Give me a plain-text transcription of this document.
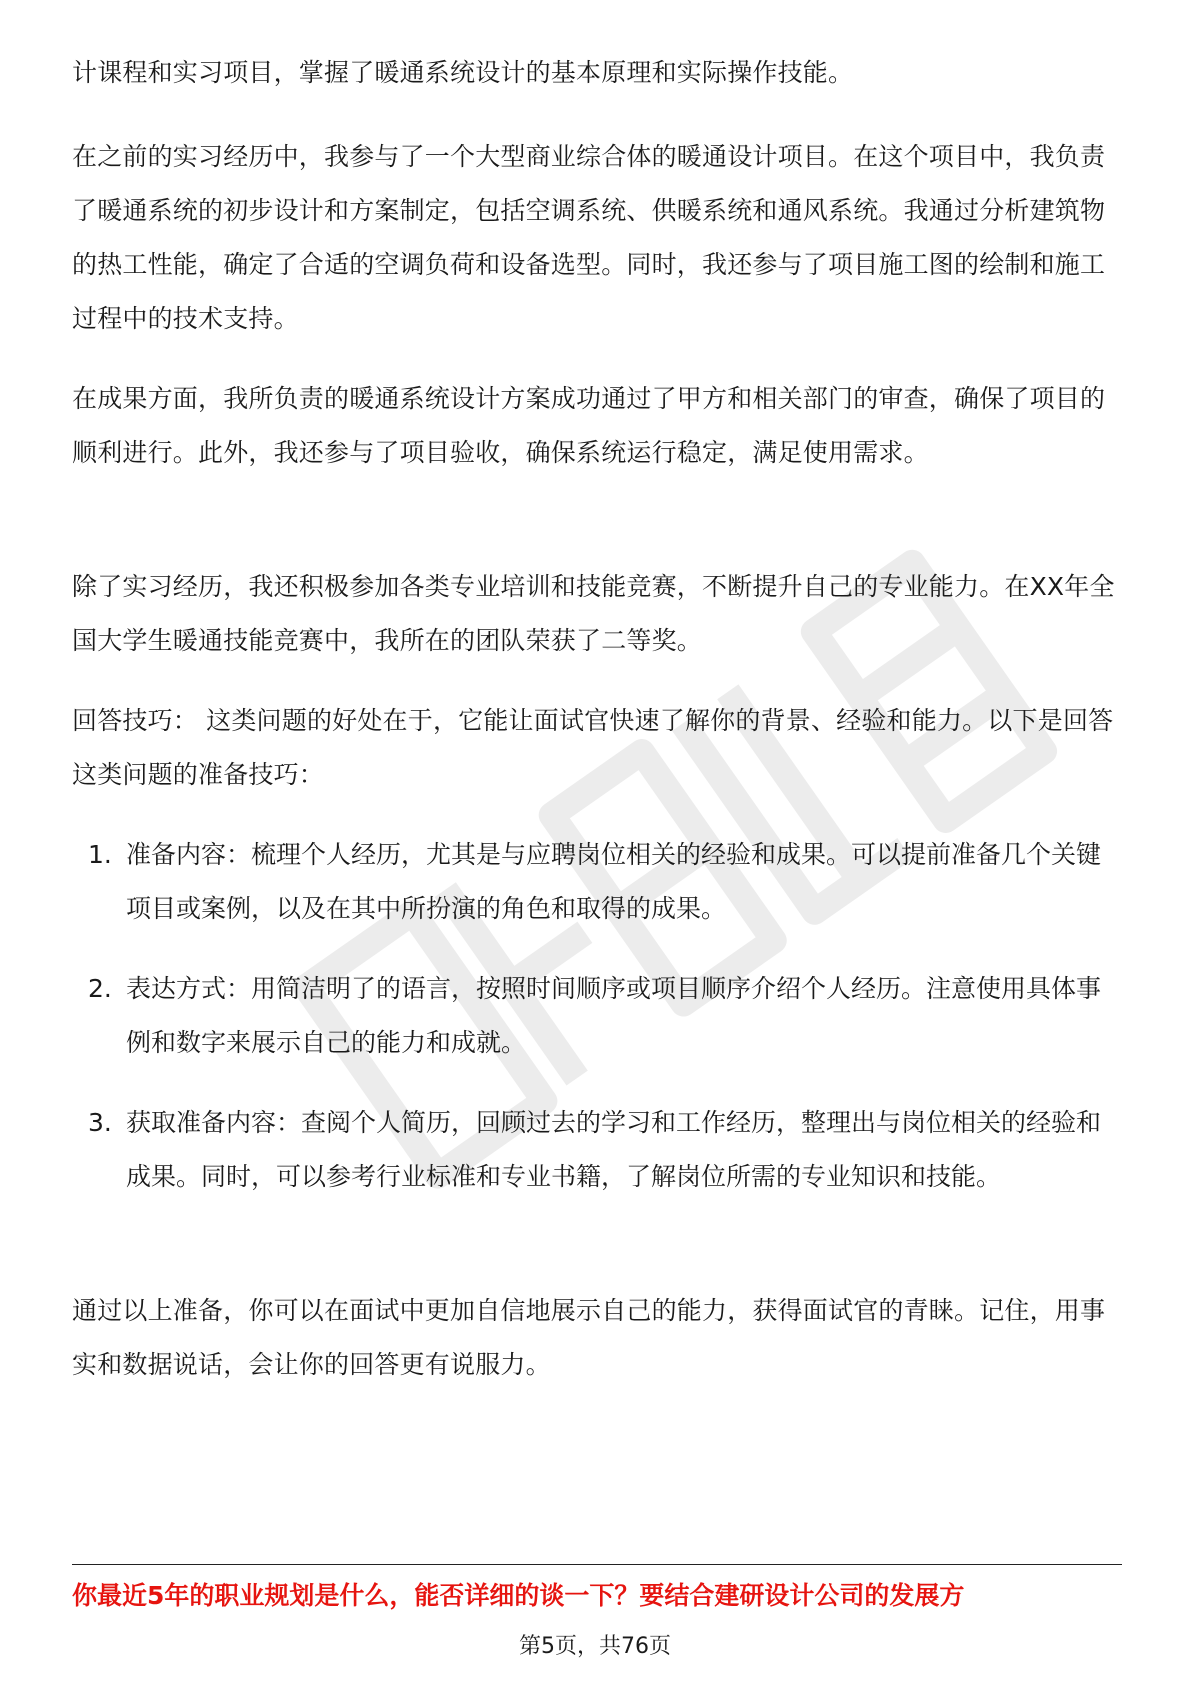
计课程和实习项目，掌握了暖通系统设计的基本原理和实际操作技能。

在之前的实习经历中，我参与了一个大型商业综合体的暖通设计项目。在这个项目中，我负责了暖通系统的初步设计和方案制定，包括空调系统、供暖系统和通风系统。我通过分析建筑物的热工性能，确定了合适的空调负荷和设备选型。同时，我还参与了项目施工图的绘制和施工过程中的技术支持。

在成果方面，我所负责的暖通系统设计方案成功通过了甲方和相关部门的审查，确保了项目的顺利进行。此外，我还参与了项目验收，确保系统运行稳定，满足使用需求。

除了实习经历，我还积极参加各类专业培训和技能竞赛，不断提升自己的专业能力。在XX年全国大学生暖通技能竞赛中，我所在的团队荣获了二等奖。

回答技巧： 这类问题的好处在于，它能让面试官快速了解你的背景、经验和能力。以下是回答这类问题的准备技巧：

1. 准备内容：梳理个人经历，尤其是与应聘岗位相关的经验和成果。可以提前准备几个关键项目或案例，以及在其中所扮演的角色和取得的成果。
2. 表达方式：用简洁明了的语言，按照时间顺序或项目顺序介绍个人经历。注意使用具体事例和数字来展示自己的能力和成就。
3. 获取准备内容：查阅个人简历，回顾过去的学习和工作经历，整理出与岗位相关的经验和成果。同时，可以参考行业标准和专业书籍，了解岗位所需的专业知识和技能。

通过以上准备，你可以在面试中更加自信地展示自己的能力，获得面试官的青睐。记住，用事实和数据说话，会让你的回答更有说服力。

你最近5年的职业规划是什么，能否详细的谈一下？要结合建研设计公司的发展方
第5页，共76页
